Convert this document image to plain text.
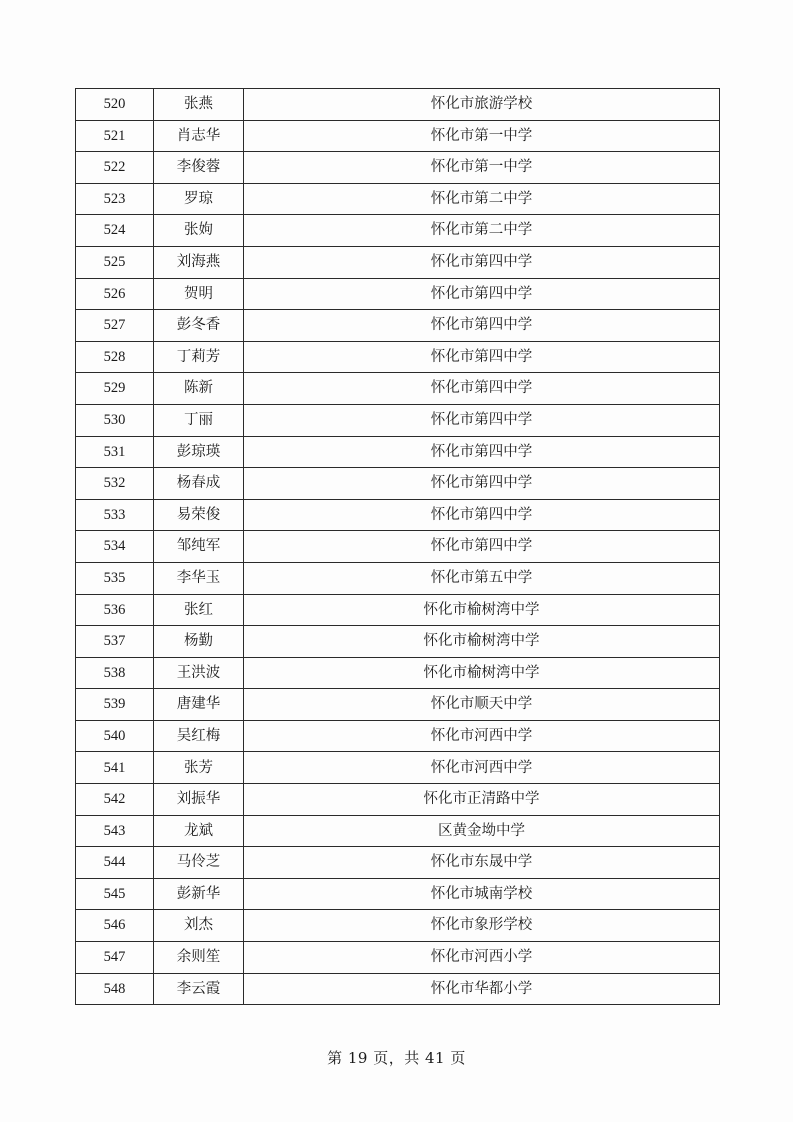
520	张燕	怀化市旅游学校
521	肖志华	怀化市第一中学
522	李俊蓉	怀化市第一中学
523	罗琼	怀化市第二中学
524	张姁	怀化市第二中学
525	刘海燕	怀化市第四中学
526	贺明	怀化市第四中学
527	彭冬香	怀化市第四中学
528	丁莉芳	怀化市第四中学
529	陈新	怀化市第四中学
530	丁丽	怀化市第四中学
531	彭琼瑛	怀化市第四中学
532	杨春成	怀化市第四中学
533	易荣俊	怀化市第四中学
534	邹纯军	怀化市第四中学
535	李华玉	怀化市第五中学
536	张红	怀化市榆树湾中学
537	杨勤	怀化市榆树湾中学
538	王洪波	怀化市榆树湾中学
539	唐建华	怀化市顺天中学
540	吴红梅	怀化市河西中学
541	张芳	怀化市河西中学
542	刘振华	怀化市正清路中学
543	龙斌	区黄金坳中学
544	马伶芝	怀化市东晟中学
545	彭新华	怀化市城南学校
546	刘杰	怀化市象形学校
547	余则笙	怀化市河西小学
548	李云霞	怀化市华都小学
第 19 页，共 41 页
